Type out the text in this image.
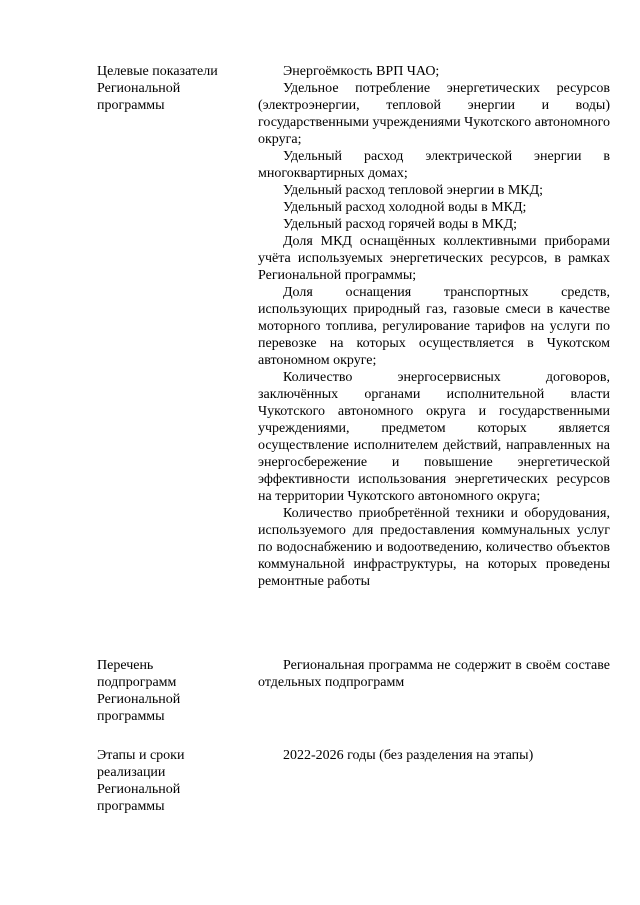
Целевые показатели Региональной программы

Энергоёмкость ВРП ЧАО;

Удельное потребление энергетических ресурсов (электроэнергии, тепловой энергии и воды) государственными учреждениями Чукотского автономного округа;

Удельный расход электрической энергии в многоквартирных домах;

Удельный расход тепловой энергии в МКД;

Удельный расход холодной воды в МКД;

Удельный расход горячей воды в МКД;

Доля МКД оснащённых коллективными приборами учёта используемых энергетических ресурсов, в рамках Региональной программы;

Доля оснащения транспортных средств, использующих природный газ, газовые смеси в качестве моторного топлива, регулирование тарифов на услуги по перевозке на которых осуществляется в Чукотском автономном округе;

Количество энергосервисных договоров, заключённых органами исполнительной власти Чукотского автономного округа и государственными учреждениями, предметом которых является осуществление исполнителем действий, направленных на энергосбережение и повышение энергетической эффективности использования энергетических ресурсов на территории Чукотского автономного округа;

Количество приобретённой техники и оборудования, используемого для предоставления коммунальных услуг по водоснабжению и водоотведению, количество объектов коммунальной инфраструктуры, на которых проведены ремонтные работы

Перечень подпрограмм Региональной программы

Региональная программа не содержит в своём составе отдельных подпрограмм

Этапы и сроки реализации Региональной программы

2022-2026 годы (без разделения на этапы)
